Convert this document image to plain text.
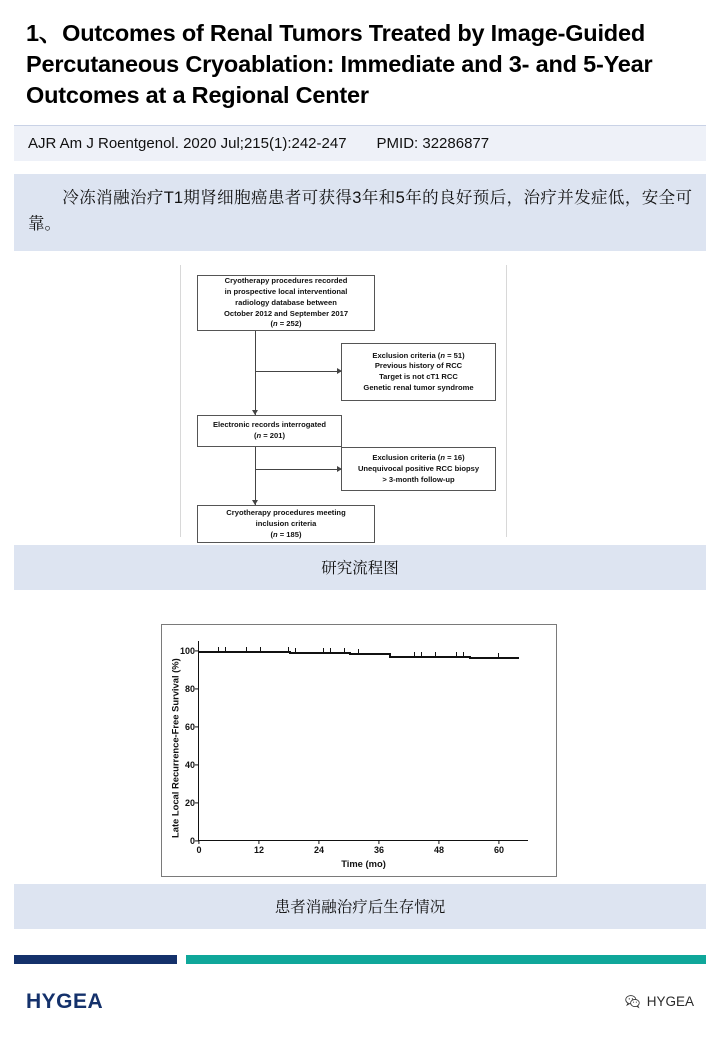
1、Outcomes of Renal Tumors Treated by Image-Guided Percutaneous Cryoablation: Immediate and 3- and 5-Year Outcomes at a Regional Center
AJR Am J Roentgenol. 2020 Jul;215(1):242-247 PMID: 32286877
冷冻消融治疗T1期肾细胞癌患者可获得3年和5年的良好预后，治疗并发症低，安全可靠。
Cryotherapy procedures recorded
in prospective local interventional
radiology database between
October 2012 and September 2017
(n = 252)
Exclusion criteria (n = 51)
Previous history of RCC
Target is not cT1 RCC
Genetic renal tumor syndrome
Electronic records interrogated
(n = 201)
Exclusion criteria (n = 16)
Unequivocal positive RCC biopsy
> 3-month follow-up
Cryotherapy procedures meeting
inclusion criteria
(n = 185)
研究流程图
Late Local Recurrence-Free Survival (%)
Time (mo)
0
20
40
60
80
100
0	12	24	36	48	60
患者消融治疗后生存情况
HYGEA	HYGEA
